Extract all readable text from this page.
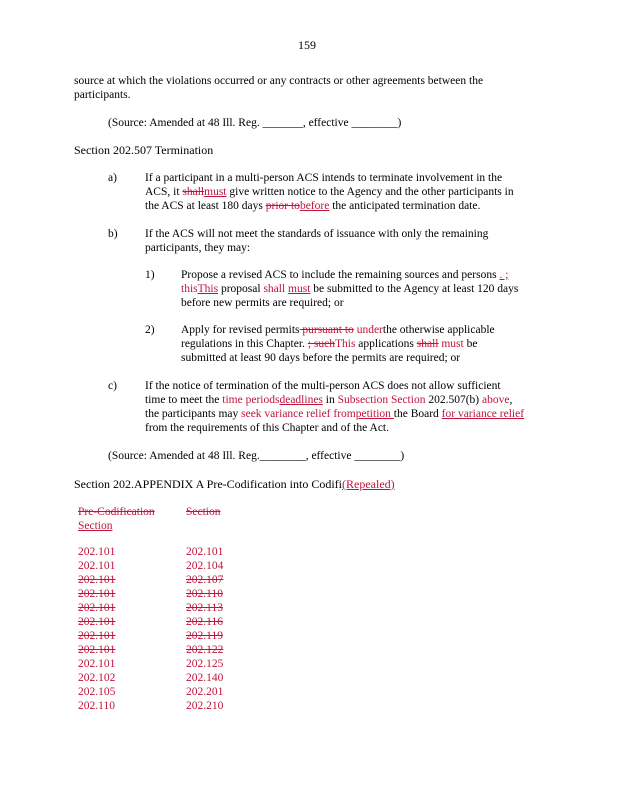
159
source at which the violations occurred or any contracts or other agreements between the
participants.
(Source: Amended at 48 Ill. Reg. _______, effective ________)
Section 202.507 Termination
a) If a participant in a multi-person ACS intends to terminate involvement in the
ACS, it shallmust give written notice to the Agency and the other participants in
the ACS at least 180 days prior tobefore the anticipated termination date.
b) If the ACS will not meet the standards of issuance with only the remaining
participants, they may:
1) Propose a revised ACS to include the remaining sources and persons . ;
thisThis proposal shall must be submitted to the Agency at least 120 days
before new permits are required; or
2) Apply for revised permits pursuant to underthe otherwise applicable
regulations in this Chapter. ; suchThis applications shall must be
submitted at least 90 days before the permits are required; or
c) If the notice of termination of the multi-person ACS does not allow sufficient
time to meet the time periodsdeadlines in Subsection Section 202.507(b) above,
the participants may seek variance relief frompetition the Board for variance relief
from the requirements of this Chapter and of the Act.
(Source: Amended at 48 Ill. Reg.________, effective ________)
Section 202.APPENDIX A Pre-Codification into Codifi(Repealed)
Pre-Codification
Section
Section
202.101
202.101
202.101
202.101
202.101
202.101
202.101
202.101
202.101
202.102
202.105
202.110
202.101
202.104
202.107
202.110
202.113
202.116
202.119
202.122
202.125
202.140
202.201
202.210
